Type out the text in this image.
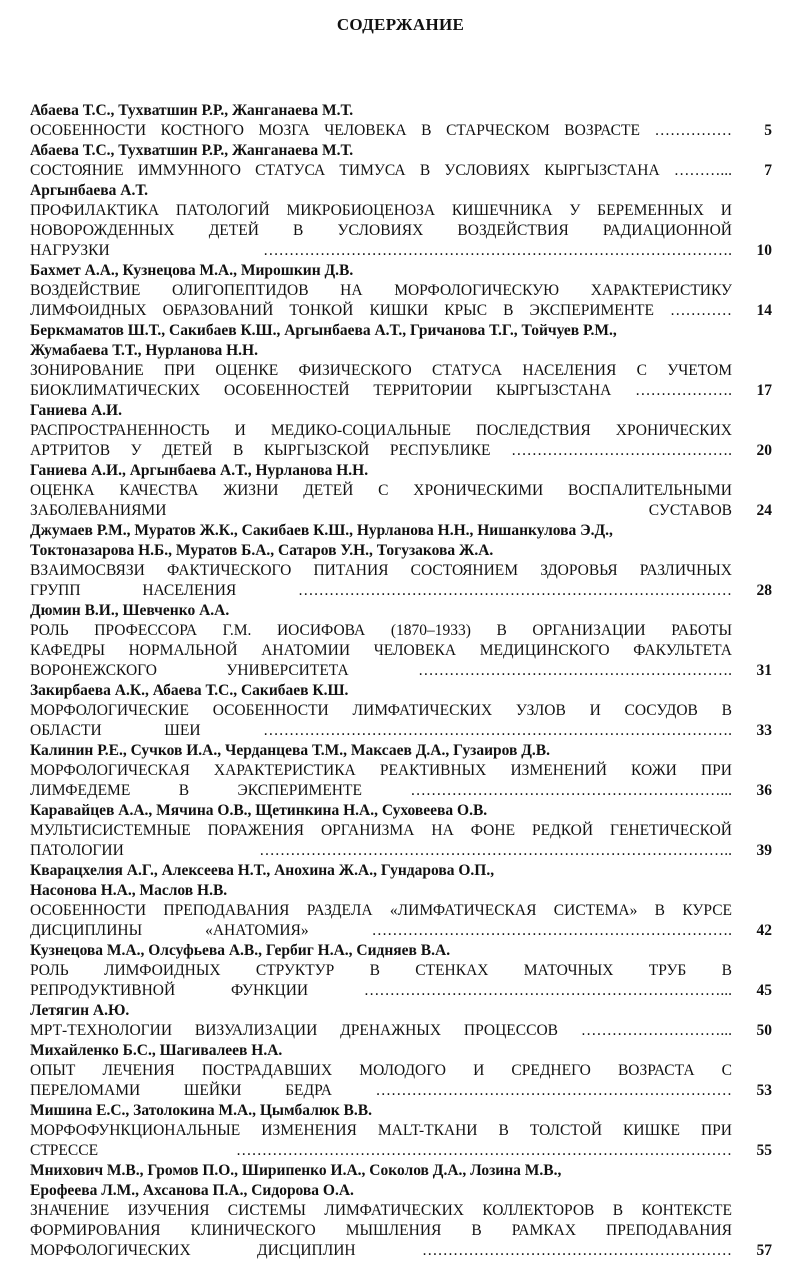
СОДЕРЖАНИЕ
Абаева Т.С., Тухватшин Р.Р., Жанганаева М.Т.
ОСОБЕННОСТИ КОСТНОГО МОЗГА ЧЕЛОВЕКА В СТАРЧЕСКОМ ВОЗРАСТЕ ……………	5
Абаева Т.С., Тухватшин Р.Р., Жанганаева М.Т.
СОСТОЯНИЕ ИММУННОГО СТАТУСА ТИМУСА В УСЛОВИЯХ КЫРГЫЗСТАНА ………...	7
Аргынбаева А.Т.
ПРОФИЛАКТИКА ПАТОЛОГИЙ МИКРОБИОЦЕНОЗА КИШЕЧНИКА У БЕРЕМЕННЫХ И
НОВОРОЖДЕННЫХ ДЕТЕЙ В УСЛОВИЯХ ВОЗДЕЙСТВИЯ РАДИАЦИОННОЙ
НАГРУЗКИ ……………………………………………………………………………….	10
Бахмет А.А., Кузнецова М.А., Мирошкин Д.В.
ВОЗДЕЙСТВИЕ ОЛИГОПЕПТИДОВ НА МОРФОЛОГИЧЕСКУЮ ХАРАКТЕРИСТИКУ
ЛИМФОИДНЫХ ОБРАЗОВАНИЙ ТОНКОЙ КИШКИ КРЫС В ЭКСПЕРИМЕНТЕ …………	14
Беркмаматов Ш.Т., Сакибаев К.Ш., Аргынбаева А.Т., Гричанова Т.Г., Тойчуев Р.М.,
Жумабаева Т.Т., Нурланова Н.Н.
ЗОНИРОВАНИЕ ПРИ ОЦЕНКЕ ФИЗИЧЕСКОГО СТАТУСА НАСЕЛЕНИЯ С УЧЕТОМ
БИОКЛИМАТИЧЕСКИХ ОСОБЕННОСТЕЙ ТЕРРИТОРИИ КЫРГЫЗСТАНА ……………….	17
Ганиева А.И.
РАСПРОСТРАНЕННОСТЬ И МЕДИКО-СОЦИАЛЬНЫЕ ПОСЛЕДСТВИЯ ХРОНИЧЕСКИХ
АРТРИТОВ У ДЕТЕЙ В КЫРГЫЗСКОЙ РЕСПУБЛИКЕ …………………………………….	20
Ганиева А.И., Аргынбаева А.Т., Нурланова Н.Н.
ОЦЕНКА КАЧЕСТВА ЖИЗНИ ДЕТЕЙ С ХРОНИЧЕСКИМИ ВОСПАЛИТЕЛЬНЫМИ
ЗАБОЛЕВАНИЯМИ СУСТАВОВ	24
Джумаев Р.М., Муратов Ж.К., Сакибаев К.Ш., Нурланова Н.Н., Нишанкулова Э.Д.,
Токтоназарова Н.Б., Муратов Б.А., Сатаров У.Н., Тогузакова Ж.А.
ВЗАИМОСВЯЗИ ФАКТИЧЕСКОГО ПИТАНИЯ СОСТОЯНИЕМ ЗДОРОВЬЯ РАЗЛИЧНЫХ
ГРУПП НАСЕЛЕНИЯ …………………………………………………………………………	28
Дюмин В.И., Шевченко А.А.
РОЛЬ ПРОФЕССОРА Г.М. ИОСИФОВА (1870–1933) В ОРГАНИЗАЦИИ РАБОТЫ
КАФЕДРЫ НОРМАЛЬНОЙ АНАТОМИИ ЧЕЛОВЕКА МЕДИЦИНСКОГО ФАКУЛЬТЕТА
ВОРОНЕЖСКОГО УНИВЕРСИТЕТА …………………………………………………….	31
Закирбаева А.К., Абаева Т.С., Сакибаев К.Ш.
МОРФОЛОГИЧЕСКИЕ ОСОБЕННОСТИ ЛИМФАТИЧЕСКИХ УЗЛОВ И СОСУДОВ В
ОБЛАСТИ ШЕИ ……………………………………………………………………………….	33
Калинин Р.Е., Сучков И.А., Черданцева Т.М., Максаев Д.А., Гузаиров Д.В.
МОРФОЛОГИЧЕСКАЯ ХАРАКТЕРИСТИКА РЕАКТИВНЫХ ИЗМЕНЕНИЙ КОЖИ ПРИ
ЛИМФЕДЕМЕ В ЭКСПЕРИМЕНТЕ ……………………………………………………...	36
Каравайцев А.А., Мячина О.В., Щетинкина Н.А., Суховеева О.В.
МУЛЬТИСИСТЕМНЫЕ ПОРАЖЕНИЯ ОРГАНИЗМА НА ФОНЕ РЕДКОЙ ГЕНЕТИЧЕСКОЙ
ПАТОЛОГИИ ………………………………………………………………………………..	39
Кварацхелия А.Г., Алексеева Н.Т., Анохина Ж.А., Гундарова О.П.,
Насонова Н.А., Маслов Н.В.
ОСОБЕННОСТИ ПРЕПОДАВАНИЯ РАЗДЕЛА «ЛИМФАТИЧЕСКАЯ СИСТЕМА» В КУРСЕ
ДИСЦИПЛИНЫ «АНАТОМИЯ» …………………………………………………………….	42
Кузнецова М.А., Олсуфьева А.В., Гербиг Н.А., Сидняев В.А.
РОЛЬ ЛИМФОИДНЫХ СТРУКТУР В СТЕНКАХ МАТОЧНЫХ ТРУБ В
РЕПРОДУКТИВНОЙ ФУНКЦИИ ……………………………………………………………...	45
Летягин А.Ю.
МРТ-ТЕХНОЛОГИИ ВИЗУАЛИЗАЦИИ ДРЕНАЖНЫХ ПРОЦЕССОВ ………………………...	50
Михайленко Б.С., Шагивалеев Н.А.
ОПЫТ ЛЕЧЕНИЯ ПОСТРАДАВШИХ МОЛОДОГО И СРЕДНЕГО ВОЗРАСТА С
ПЕРЕЛОМАМИ ШЕЙКИ БЕДРА ……………………………………………………………	53
Мишина Е.С., Затолокина М.А., Цымбалюк В.В.
МОРФОФУНКЦИОНАЛЬНЫЕ ИЗМЕНЕНИЯ MALT-ТКАНИ В ТОЛСТОЙ КИШКЕ ПРИ
СТРЕССЕ ……………………………………………………………………………………	55
Мнихович М.В., Громов П.О., Ширипенко И.А., Соколов Д.А., Лозина М.В.,
Ерофеева Л.М., Ахсанова П.А., Сидорова О.А.
ЗНАЧЕНИЕ ИЗУЧЕНИЯ СИСТЕМЫ ЛИМФАТИЧЕСКИХ КОЛЛЕКТОРОВ В КОНТЕКСТЕ
ФОРМИРОВАНИЯ КЛИНИЧЕСКОГО МЫШЛЕНИЯ В РАМКАХ ПРЕПОДАВАНИЯ
МОРФОЛОГИЧЕСКИХ ДИСЦИПЛИН ……………………………………………………	57
